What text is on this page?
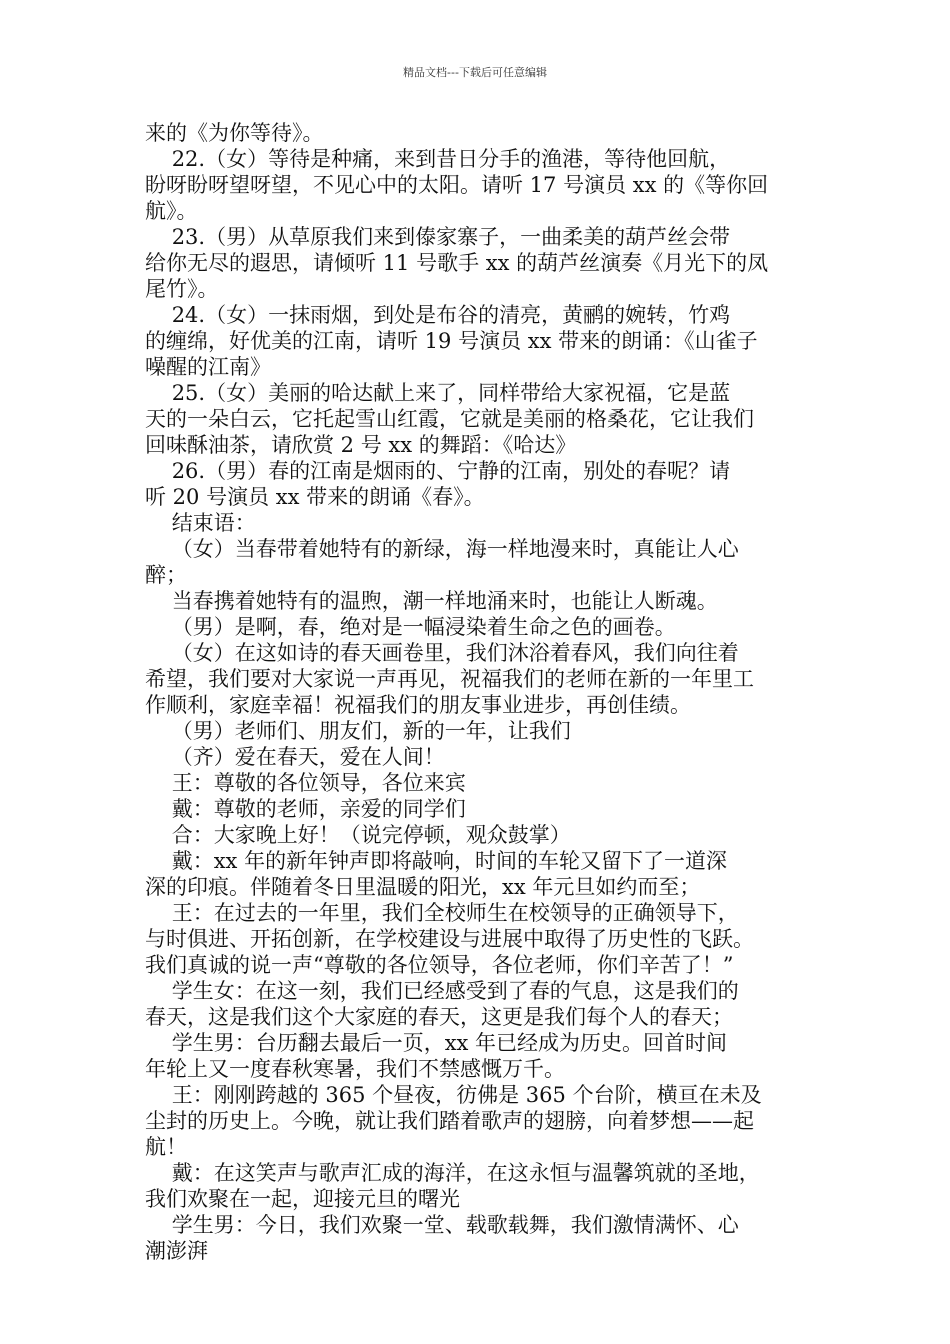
精品文档---下载后可任意编辑
来的《为你等待》。
22.（女）等待是种痛，来到昔日分手的渔港，等待他回航，
盼呀盼呀望呀望，不见心中的太阳。请听 17 号演员 xx 的《等你回
航》。
23.（男）从草原我们来到傣家寨子，一曲柔美的葫芦丝会带
给你无尽的遐思，请倾听 11 号歌手 xx 的葫芦丝演奏《月光下的凤
尾竹》。
24.（女）一抹雨烟，到处是布谷的清亮，黄鹂的婉转，竹鸡
的缠绵，好优美的江南，请听 19 号演员 xx 带来的朗诵：《山雀子
噪醒的江南》
25.（女）美丽的哈达献上来了，同样带给大家祝福，它是蓝
天的一朵白云，它托起雪山红霞，它就是美丽的格桑花，它让我们
回味酥油茶，请欣赏 2 号 xx 的舞蹈：《哈达》
26.（男）春的江南是烟雨的、宁静的江南，别处的春呢？请
听 20 号演员 xx 带来的朗诵《春》。
结束语：
（女）当春带着她特有的新绿，海一样地漫来时，真能让人心
醉；
当春携着她特有的温煦，潮一样地涌来时，也能让人断魂。
（男）是啊，春，绝对是一幅浸染着生命之色的画卷。
（女）在这如诗的春天画卷里，我们沐浴着春风，我们向往着
希望，我们要对大家说一声再见，祝福我们的老师在新的一年里工
作顺利，家庭幸福！祝福我们的朋友事业进步，再创佳绩。
（男）老师们、朋友们，新的一年，让我们
（齐）爱在春天，爱在人间！
王：尊敬的各位领导，各位来宾
戴：尊敬的老师，亲爱的同学们
合：大家晚上好！（说完停顿，观众鼓掌）
戴：xx 年的新年钟声即将敲响，时间的车轮又留下了一道深
深的印痕。伴随着冬日里温暖的阳光，xx 年元旦如约而至；
王：在过去的一年里，我们全校师生在校领导的正确领导下，
与时俱进、开拓创新，在学校建设与进展中取得了历史性的飞跃。
我们真诚的说一声“尊敬的各位领导，各位老师，你们辛苦了！”
学生女：在这一刻，我们已经感受到了春的气息，这是我们的
春天，这是我们这个大家庭的春天，这更是我们每个人的春天；
学生男：台历翻去最后一页，xx 年已经成为历史。回首时间
年轮上又一度春秋寒暑，我们不禁感慨万千。
王：刚刚跨越的 365 个昼夜，彷佛是 365 个台阶，横亘在未及
尘封的历史上。今晚，就让我们踏着歌声的翅膀，向着梦想——起
航！
戴：在这笑声与歌声汇成的海洋，在这永恒与温馨筑就的圣地，
我们欢聚在一起，迎接元旦的曙光
学生男：今日，我们欢聚一堂、载歌载舞，我们激情满怀、心
潮澎湃
